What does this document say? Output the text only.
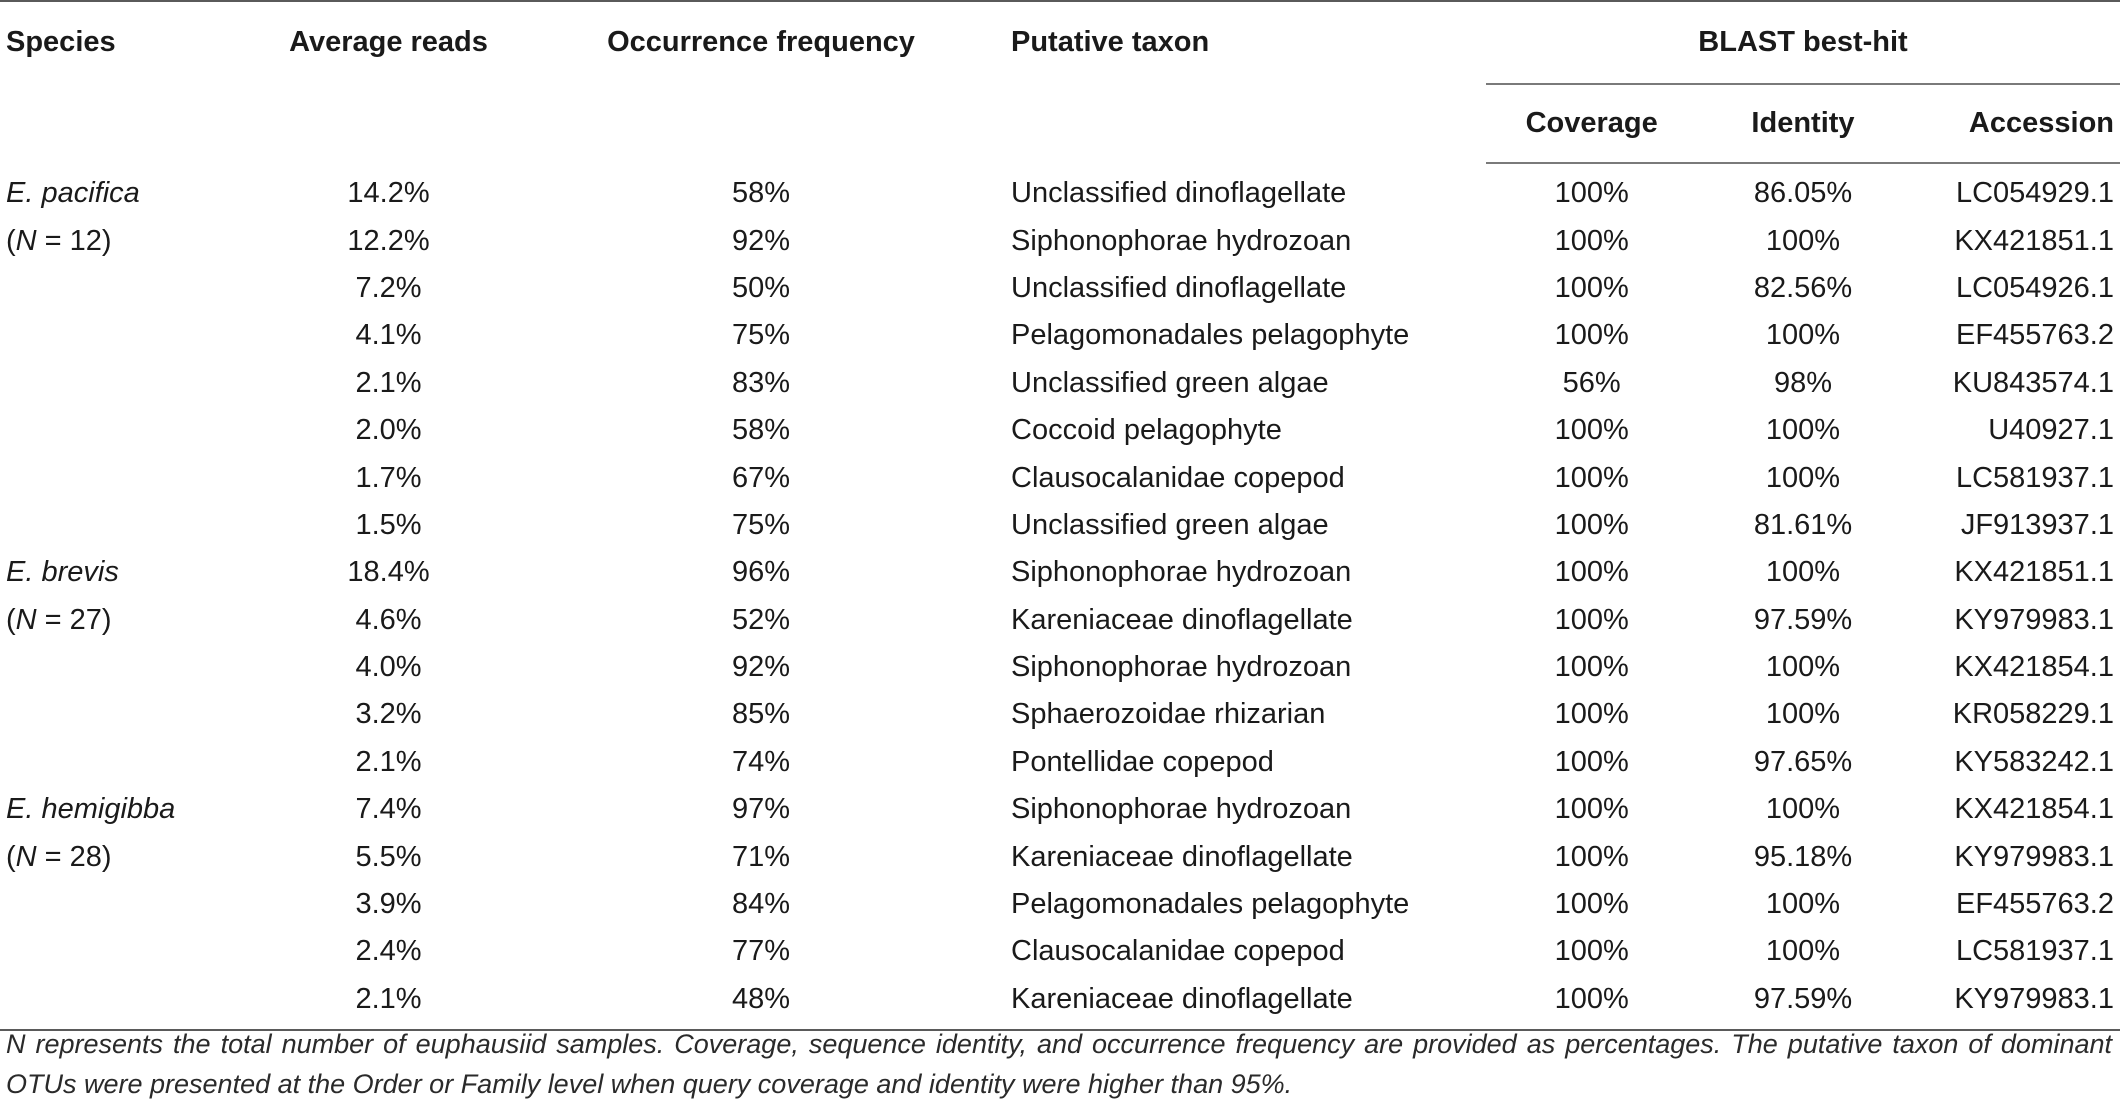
Species	Average reads	Occurrence frequency	Putative taxon	BLAST best-hit		
				Coverage	Identity	Accession
E. pacifica	14.2%	58%	Unclassified dinoflagellate	100%	86.05%	LC054929.1
(N = 12)	12.2%	92%	Siphonophorae hydrozoan	100%	100%	KX421851.1
	7.2%	50%	Unclassified dinoflagellate	100%	82.56%	LC054926.1
	4.1%	75%	Pelagomonadales pelagophyte	100%	100%	EF455763.2
	2.1%	83%	Unclassified green algae	56%	98%	KU843574.1
	2.0%	58%	Coccoid pelagophyte	100%	100%	U40927.1
	1.7%	67%	Clausocalanidae copepod	100%	100%	LC581937.1
	1.5%	75%	Unclassified green algae	100%	81.61%	JF913937.1
E. brevis	18.4%	96%	Siphonophorae hydrozoan	100%	100%	KX421851.1
(N = 27)	4.6%	52%	Kareniaceae dinoflagellate	100%	97.59%	KY979983.1
	4.0%	92%	Siphonophorae hydrozoan	100%	100%	KX421854.1
	3.2%	85%	Sphaerozoidae rhizarian	100%	100%	KR058229.1
	2.1%	74%	Pontellidae copepod	100%	97.65%	KY583242.1
E. hemigibba	7.4%	97%	Siphonophorae hydrozoan	100%	100%	KX421854.1
(N = 28)	5.5%	71%	Kareniaceae dinoflagellate	100%	95.18%	KY979983.1
	3.9%	84%	Pelagomonadales pelagophyte	100%	100%	EF455763.2
	2.4%	77%	Clausocalanidae copepod	100%	100%	LC581937.1
	2.1%	48%	Kareniaceae dinoflagellate	100%	97.59%	KY979983.1
N represents the total number of euphausiid samples. Coverage, sequence identity, and occurrence frequency are provided as percentages. The putative taxon of dominant OTUs were presented at the Order or Family level when query coverage and identity were higher than 95%.
